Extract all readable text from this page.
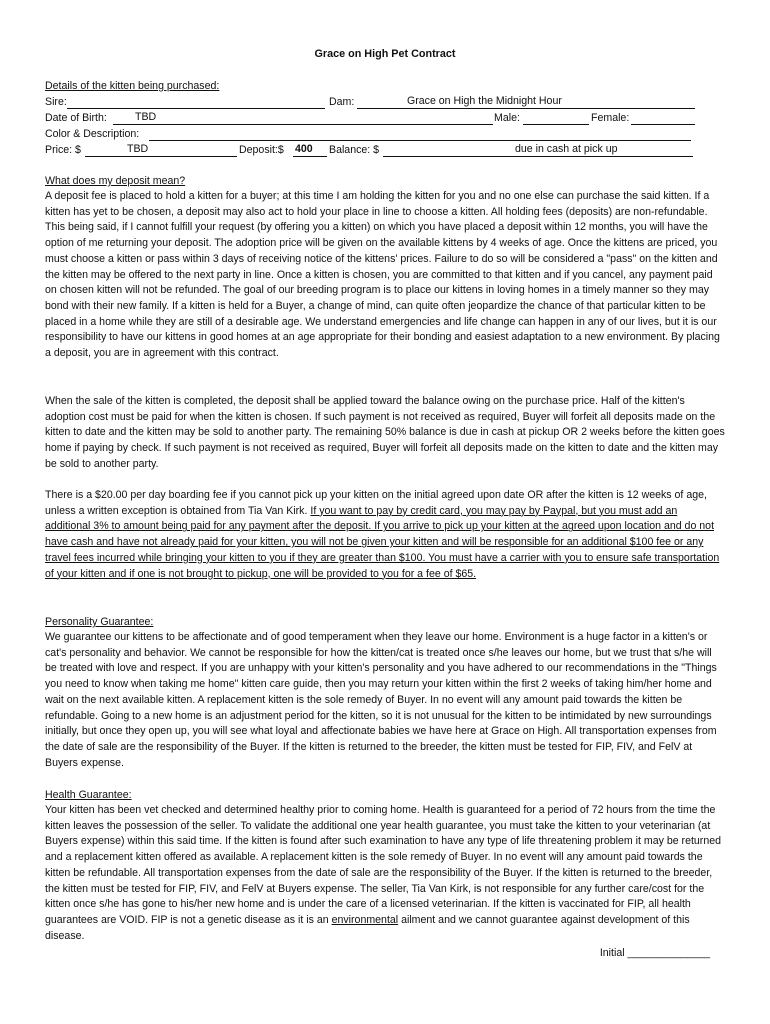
Grace on High Pet Contract
Details of the kitten being purchased:
Sire:	Dam:	Grace on High the Midnight Hour
Date of Birth:	TBD	Male:	Female:
Color & Description:
Price: $	TBD	Deposit:$ 400 Balance: $	due in cash at pick up
What does my deposit mean?

A deposit fee is placed to hold a kitten for a buyer; at this time I am holding the kitten for you and no one else can purchase the said kitten. If a kitten has yet to be chosen, a deposit may also act to hold your place in line to choose a kitten. All holding fees (deposits) are non-refundable. This being said, if I cannot fulfill your request (by offering you a kitten) on which you have placed a deposit within 12 months, you will have the option of me returning your deposit. The adoption price will be given on the available kittens by 4 weeks of age. Once the kittens are priced, you must choose a kitten or pass within 3 days of receiving notice of the kittens' prices. Failure to do so will be considered a "pass" on the kitten and the kitten may be offered to the next party in line. Once a kitten is chosen, you are committed to that kitten and if you cancel, any payment paid on chosen kitten will not be refunded. The goal of our breeding program is to place our kittens in loving homes in a timely manner so they may bond with their new family. If a kitten is held for a Buyer, a change of mind, can quite often jeopardize the chance of that particular kitten to be placed in a home while they are still of a desirable age. We understand emergencies and life change can happen in any of our lives, but it is our responsibility to have our kittens in good homes at an age appropriate for their bonding and easiest adaptation to a new environment. By placing a deposit, you are in agreement with this contract.

When the sale of the kitten is completed, the deposit shall be applied toward the balance owing on the purchase price. Half of the kitten's adoption cost must be paid for when the kitten is chosen. If such payment is not received as required, Buyer will forfeit all deposits made on the kitten to date and the kitten may be sold to another party. The remaining 50% balance is due in cash at pickup OR 2 weeks before the kitten goes home if paying by check. If such payment is not received as required, Buyer will forfeit all deposits made on the kitten to date and the kitten may be sold to another party.

There is a $20.00 per day boarding fee if you cannot pick up your kitten on the initial agreed upon date OR after the kitten is 12 weeks of age, unless a written exception is obtained from Tia Van Kirk. If you want to pay by credit card, you may pay by Paypal, but you must add an additional 3% to amount being paid for any payment after the deposit. If you arrive to pick up your kitten at the agreed upon location and do not have cash and have not already paid for your kitten, you will not be given your kitten and will be responsible for an additional $100 fee or any travel fees incurred while bringing your kitten to you if they are greater than $100. You must have a carrier with you to ensure safe transportation of your kitten and if one is not brought to pickup, one will be provided to you for a fee of $65.

Personality Guarantee:

We guarantee our kittens to be affectionate and of good temperament when they leave our home. Environment is a huge factor in a kitten's or cat's personality and behavior. We cannot be responsible for how the kitten/cat is treated once s/he leaves our home, but we trust that s/he will be treated with love and respect. If you are unhappy with your kitten's personality and you have adhered to our recommendations in the "Things you need to know when taking me home" kitten care guide, then you may return your kitten within the first 2 weeks of taking him/her home and wait on the next available kitten. A replacement kitten is the sole remedy of Buyer. In no event will any amount paid towards the kitten be refundable. Going to a new home is an adjustment period for the kitten, so it is not unusual for the kitten to be intimidated by new surroundings initially, but once they open up, you will see what loyal and affectionate babies we have here at Grace on High. All transportation expenses from the date of sale are the responsibility of the Buyer. If the kitten is returned to the breeder, the kitten must be tested for FIP, FIV, and FelV at Buyers expense.

Health Guarantee:

Your kitten has been vet checked and determined healthy prior to coming home. Health is guaranteed for a period of 72 hours from the time the kitten leaves the possession of the seller. To validate the additional one year health guarantee, you must take the kitten to your veterinarian (at Buyers expense) within this said time. If the kitten is found after such examination to have any type of life threatening problem it may be returned and a replacement kitten offered as available. A replacement kitten is the sole remedy of Buyer. In no event will any amount paid towards the kitten be refundable. All transportation expenses from the date of sale are the responsibility of the Buyer. If the kitten is returned to the breeder, the kitten must be tested for FIP, FIV, and FelV at Buyers expense. The seller, Tia Van Kirk, is not responsible for any further care/cost for the kitten once s/he has gone to his/her new home and is under the care of a licensed veterinarian. If the kitten is vaccinated for FIP, all health guarantees are VOID. FIP is not a genetic disease as it is an environmental ailment and we cannot guarantee against development of this disease.

Initial ______________
